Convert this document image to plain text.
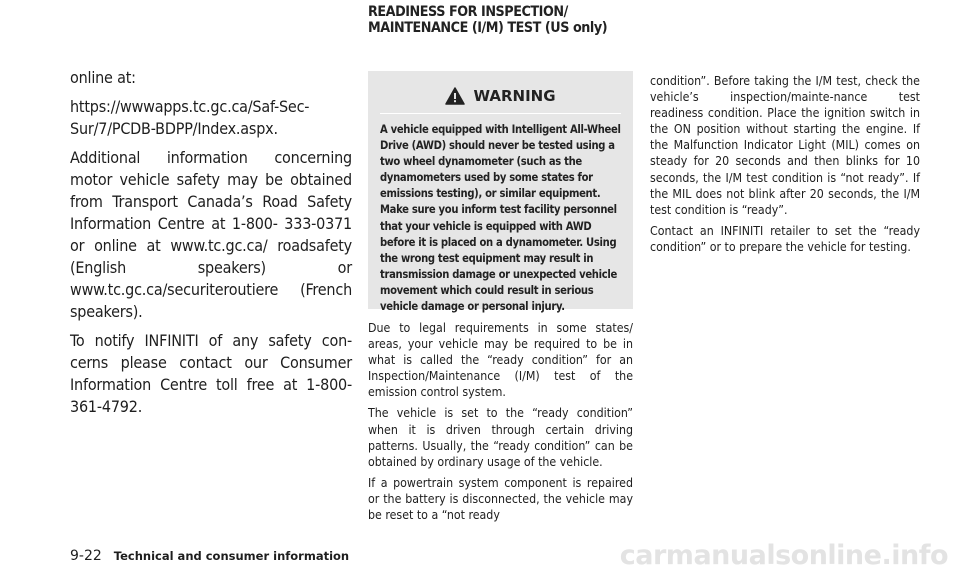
READINESS FOR INSPECTION/
MAINTENANCE (I/M) TEST (US only)

online at:

https://wwwapps.tc.gc.ca/Saf-Sec-
Sur/7/PCDB-BDPP/Index.aspx.

Additional information concerning motor vehicle safety may be obtained from Transport Canada’s Road Safety Information Centre at 1-800- 333-0371 or online at www.tc.gc.ca/ roadsafety (English speakers) or www.tc.gc.ca/securiteroutiere (French speakers).

To notify INFINITI of any safety con-cerns please contact our Consumer Information Centre toll free at 1-800-361-4792.

WARNING
A vehicle equipped with Intelligent All-Wheel Drive (AWD) should never be tested using a two wheel dynamometer (such as the dynamometers used by some states for emissions testing), or similar equipment. Make sure you inform test facility personnel that your vehicle is equipped with AWD before it is placed on a dynamometer. Using the wrong test equipment may result in transmission damage or unexpected vehicle movement which could result in serious vehicle damage or personal injury.

Due to legal requirements in some states/ areas, your vehicle may be required to be in what is called the “ready condition” for an Inspection/Maintenance (I/M) test of the emission control system.

The vehicle is set to the “ready condition” when it is driven through certain driving patterns. Usually, the “ready condition” can be obtained by ordinary usage of the vehicle.

If a powertrain system component is repaired or the battery is disconnected, the vehicle may be reset to a “not ready

condition”. Before taking the I/M test, check the vehicle’s inspection/mainte-nance test readiness condition. Place the ignition switch in the ON position without starting the engine. If the Malfunction Indicator Light (MIL) comes on steady for 20 seconds and then blinks for 10 seconds, the I/M test condition is “not ready”. If the MIL does not blink after 20 seconds, the I/M test condition is “ready”.

Contact an INFINITI retailer to set the “ready condition” or to prepare the vehicle for testing.

9-22 Technical and consumer information	carmanualsonline.info
